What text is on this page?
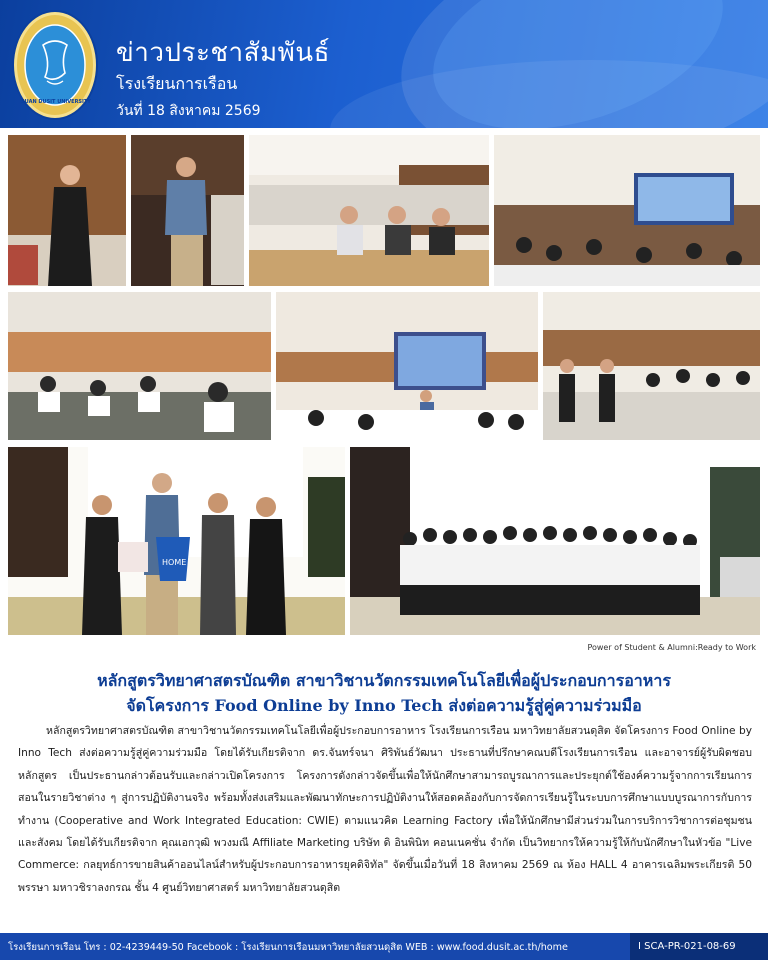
SUAN DUSIT UNIVERSITY
ข่าวประชาสัมพันธ์
โรงเรียนการเรือน
วันที่ 18 สิงหาคม 2569
HOME
Power of Student & Alumni:Ready to Work
หลักสูตรวิทยาศาสตรบัณฑิต สาขาวิชานวัตกรรมเทคโนโลยีเพื่อผู้ประกอบการอาหาร
จัดโครงการ Food Online by Inno Tech ส่งต่อความรู้สู่คู่ความร่วมมือ
หลักสูตรวิทยาศาสตรบัณฑิต สาขาวิชานวัตกรรมเทคโนโลยีเพื่อผู้ประกอบการอาหาร โรงเรียนการเรือน มหาวิทยาลัยสวนดุสิต จัดโครงการ Food Online by Inno Tech ส่งต่อความรู้สู่คู่ความร่วมมือ โดยได้รับเกียรติจาก ดร.จันทร์จนา ศิริพันธ์วัฒนา ประธานที่ปรึกษาคณบดีโรงเรียนการเรือน และอาจารย์ผู้รับผิดชอบหลักสูตร เป็นประธานกล่าวต้อนรับและกล่าวเปิดโครงการ โครงการดังกล่าวจัดขึ้นเพื่อให้นักศึกษาสามารถบูรณาการและประยุกต์ใช้องค์ความรู้จากการเรียนการสอนในรายวิชาต่าง ๆ สู่การปฏิบัติงานจริง พร้อมทั้งส่งเสริมและพัฒนาทักษะการปฏิบัติงานให้สอดคล้องกับการจัดการเรียนรู้ในระบบการศึกษาแบบบูรณาการกับการทำงาน (Cooperative and Work Integrated Education: CWIE) ตามแนวคิด Learning Factory เพื่อให้นักศึกษามีส่วนร่วมในการบริการวิชาการต่อชุมชนและสังคม โดยได้รับเกียรติจาก คุณเอกวุฒิ พวงมณี Affiliate Marketing บริษัท ดิ อินพินิท คอนเนคชั่น จำกัด เป็นวิทยากรให้ความรู้ให้กับนักศึกษาในหัวข้อ "Live Commerce: กลยุทธ์การขายสินค้าออนไลน์สำหรับผู้ประกอบการอาหารยุคดิจิทัล" จัดขึ้นเมื่อวันที่ 18 สิงหาคม 2569 ณ ห้อง HALL 4 อาคารเฉลิมพระเกียรติ 50 พรรษา มหาวชิราลงกรณ ชั้น 4 ศูนย์วิทยาศาสตร์ มหาวิทยาลัยสวนดุสิต
โรงเรียนการเรือน โทร : 02-4239449-50 Facebook : โรงเรียนการเรือนมหาวิทยาลัยสวนดุสิต WEB : www.food.dusit.ac.th/home	I SCA-PR-021-08-69
